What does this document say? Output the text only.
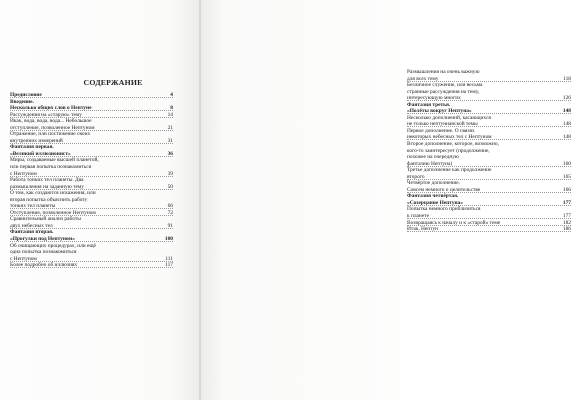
СОДЕРЖАНИЕ
Предисловие	4
Введение.
Несколько общих слов о Нептуне	8
Рассуждения на «старую» тему	14
Икак, вода, вода, вода... Небольшое
отступление, позволенное Нептуном	21
Отражение, или постижение своих
внутренних измерений	31
Фантазия первая.
«Великий иллюзионист»	36
Миры, создаваемые высшей планетой,
или первая попытка познакомиться
с Нептуном	39
Работа тонких тел планеты. Два
размышления на заданную тему	50
О том, как создаются искажения, или
вторая попытка объяснить работу
тонких тел планеты	66
Отступление, позволенное Нептуном	72
Сравнительный анализ работы
двух небесных тел	91
Фантазия вторая.
«Прогулки под Нептуном»	100
Об очищающих процедурах, или ещё
одна попытка познакомиться
с Нептуном	111
Более подробно об иллюзиях	117
Размышления на очень важную
для всех тему	118
Безличное служение, или весьма
странные рассуждения на тему,
интересующую многих	126
Фантазия третья.
«Полёты вокруг Нептуна»	148
Несколько дополнений, касающихся
не только нептунианской темы	148
Первое дополнение. О связях
некоторых небесных тел с Нептуном	148
Второе дополнение, которое, возможно,
кого-то заинтересует (продолжение,
похожее на очередную
фантазию Нептуна)	160
Третье дополнение как продолжение
второго	165
Четвёртое дополнение.
Совсем немного о целительстве	166
Фантазия четвёртая.
«Созерцание Нептуна»	177
Попытка немного приблизиться
к планете	177
Возвращаясь к началу и к «старой» теме	182
Итак, Нептун	186
